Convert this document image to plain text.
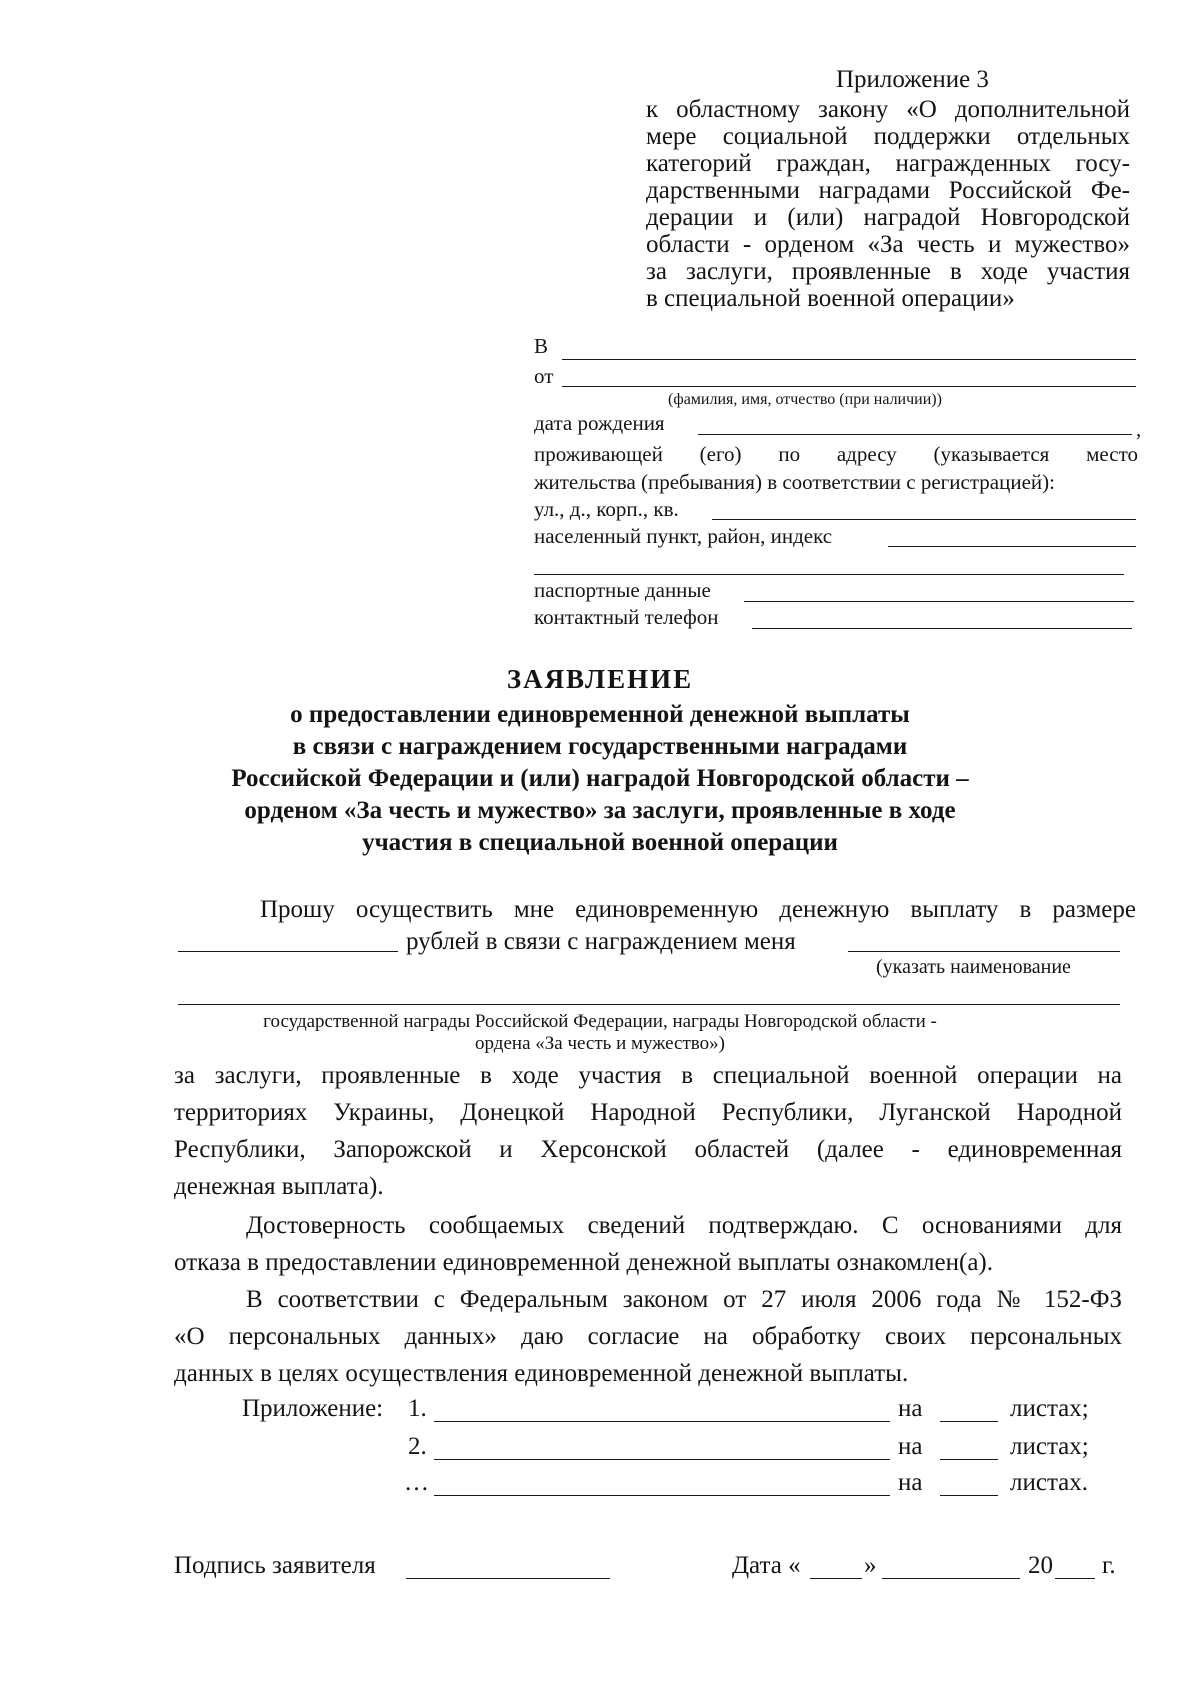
Приложение 3
к областному закону «О дополнительной
мере социальной поддержки отдельных
категорий граждан, награжденных госу-
дарственными наградами Российской Фе-
дерации и (или) наградой Новгородской
области - орденом «За честь и мужество»
за заслуги, проявленные в ходе участия
в специальной военной операции»
В
от
(фамилия, имя, отчество (при наличии))
дата рождения	,
проживающей (его) по адресу (указывается место
жительства (пребывания) в соответствии с регистрацией):
ул., д., корп., кв.
населенный пункт, район, индекс
паспортные данные
контактный телефон
ЗАЯВЛЕНИЕ
о предоставлении единовременной денежной выплаты
в связи с награждением государственными наградами
Российской Федерации и (или) наградой Новгородской области –
орденом «За честь и мужество» за заслуги, проявленные в ходе
участия в специальной военной операции
Прошу осуществить мне единовременную денежную выплату в размере
рублей в связи с награждением меня
(указать наименование
государственной награды Российской Федерации, награды Новгородской области -
ордена «За честь и мужество»)
за заслуги, проявленные в ходе участия в специальной военной операции на
территориях Украины, Донецкой Народной Республики, Луганской Народной
Республики, Запорожской и Херсонской областей (далее - единовременная
денежная выплата).
Достоверность сообщаемых сведений подтверждаю. С основаниями для
отказа в предоставлении единовременной денежной выплаты ознакомлен(а).
В соответствии с Федеральным законом от 27 июля 2006 года № 152-ФЗ
«О персональных данных» даю согласие на обработку своих персональных
данных в целях осуществления единовременной денежной выплаты.
Приложение: 1.	на	листах;
2.	на	листах;
…	на	листах.
Подпись заявителя	Дата «	»	20 г.
